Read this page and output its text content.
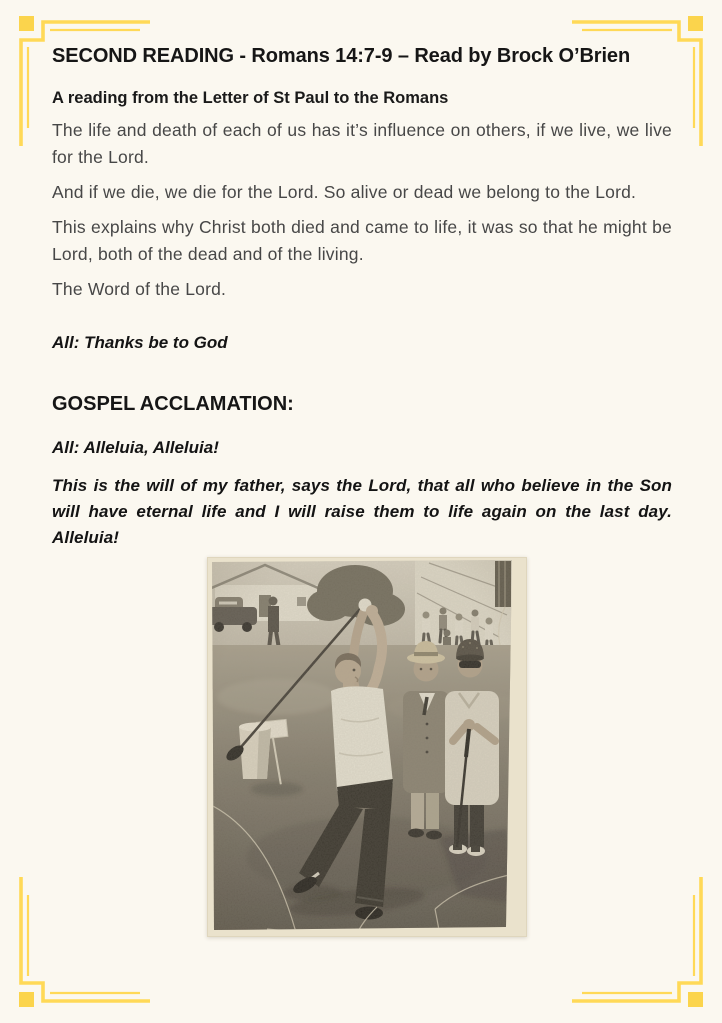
SECOND READING - Romans 14:7-9 – Read by Brock O’Brien

A reading from the Letter of St Paul to the Romans

The life and death of each of us has it’s influence on others, if we live, we live for the Lord.

And if we die, we die for the Lord. So alive or dead we belong to the Lord.

This explains why Christ both died and came to life, it was so that he might be Lord, both of the dead and of the living.

The Word of the Lord.

All: Thanks be to God

GOSPEL ACCLAMATION:

All: Alleluia, Alleluia!

This is the will of my father, says the Lord, that all who believe in the Son will have eternal life and I will raise them to life again on the last day. Alleluia!
